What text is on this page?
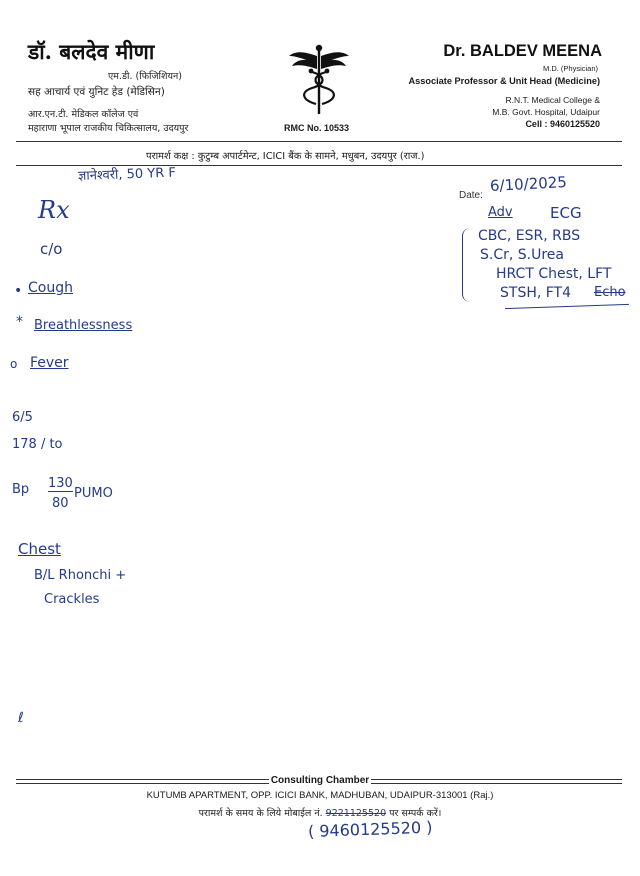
डॉ. बलदेव मीणा
एम.डी. (फिजिशियन)
सह आचार्य एवं युनिट हेड (मेडिसिन)
आर.एन.टी. मेडिकल कॉलेज एवं
महाराणा भूपाल राजकीय चिकित्सालय, उदयपुर	RMC No. 10533
Dr. BALDEV MEENA
M.D. (Physician)
Associate Professor & Unit Head (Medicine)
R.N.T. Medical College &
M.B. Govt. Hospital, Udaipur
Cell : 9460125520
परामर्श कक्ष : कुटुम्ब अपार्टमेन्ट, ICICI बैंक के सामने, मधुबन, उदयपुर (राज.)
ज्ञानेश्वरी, 50 YR F
Date:
6/10/2025
Rx
c/o
• Cough
* Breathlessness
o Fever
6/5
178 / to
Bp 130
80
PUMO
Chest
B/L Rhonchi +
Crackles
Adv ECG
CBC, ESR, RBS
S.Cr, S.Urea
HRCT Chest, LFT
STSH, FT4 Echo
ℓ
Consulting Chamber
KUTUMB APARTMENT, OPP. ICICI BANK, MADHUBAN, UDAIPUR-313001 (Raj.)
परामर्श के समय के लिये मोबाईल नं. 9221125520 पर सम्पर्क करें।
( 9460125520 )
